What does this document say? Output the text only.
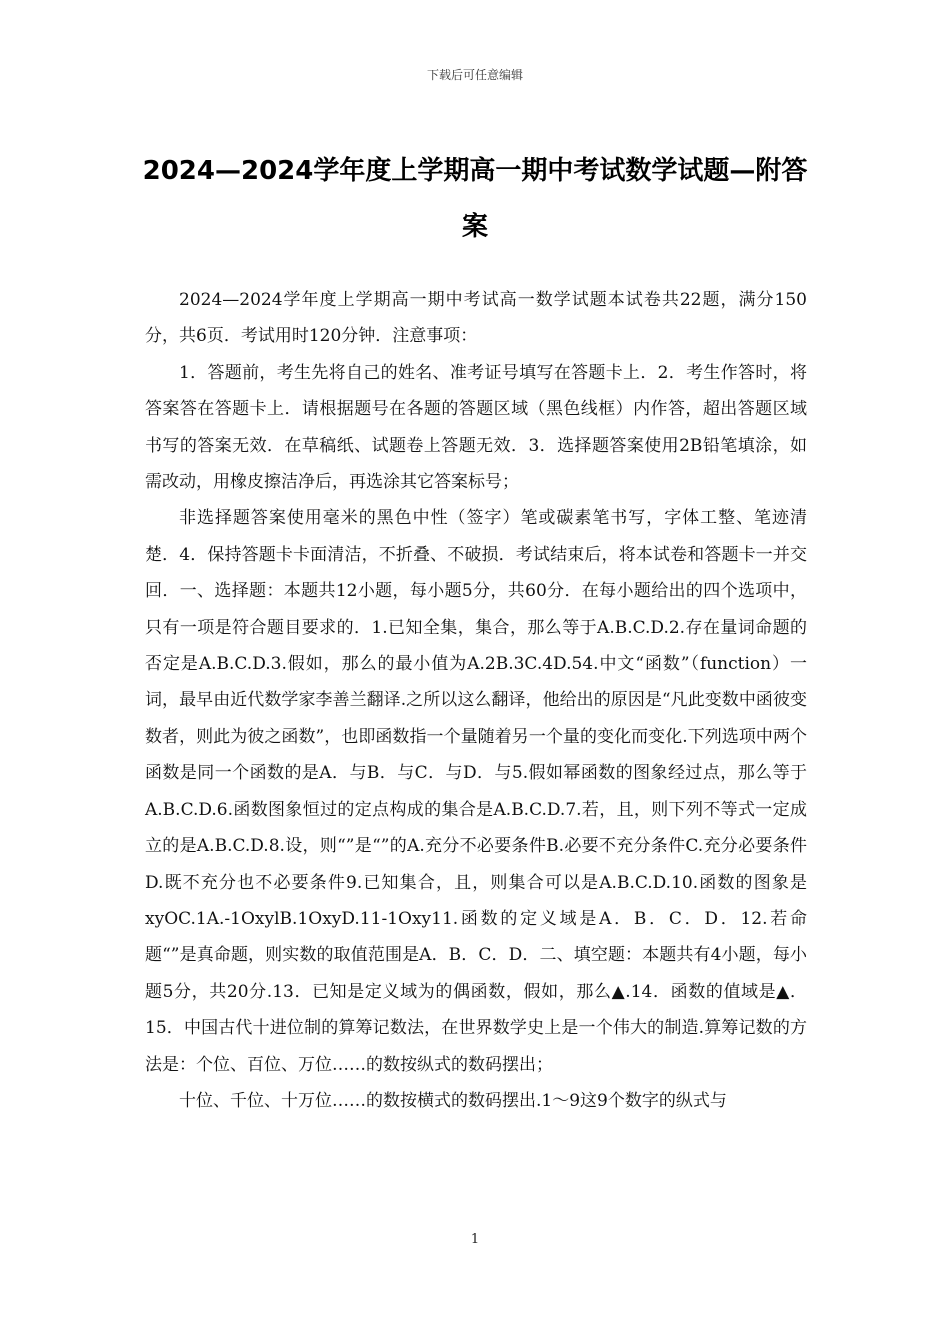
下载后可任意编辑
2024—2024学年度上学期高一期中考试数学试题—附答案

2024—2024学年度上学期高一期中考试高一数学试题本试卷共22题，满分150分，共6页．考试用时120分钟．注意事项：

1．答题前，考生先将自己的姓名、准考证号填写在答题卡上．2．考生作答时，将答案答在答题卡上．请根据题号在各题的答题区域（黑色线框）内作答，超出答题区域书写的答案无效．在草稿纸、试题卷上答题无效．3．选择题答案使用2B铅笔填涂，如需改动，用橡皮擦洁净后，再选涂其它答案标号；

非选择题答案使用毫米的黑色中性（签字）笔或碳素笔书写，字体工整、笔迹清楚．4．保持答题卡卡面清洁，不折叠、不破损．考试结束后，将本试卷和答题卡一并交回．一、选择题：本题共12小题，每小题5分，共60分．在每小题给出的四个选项中，只有一项是符合题目要求的．1.已知全集，集合，那么等于A.B.C.D.2.存在量词命题的否定是A.B.C.D.3.假如，那么的最小值为A.2B.3C.4D.54.中文“函数”（function）一词，最早由近代数学家李善兰翻译.之所以这么翻译，他给出的原因是“凡此变数中函彼变数者，则此为彼之函数”，也即函数指一个量随着另一个量的变化而变化.下列选项中两个函数是同一个函数的是A．与B．与C．与D．与5.假如幂函数的图象经过点，那么等于A.B.C.D.6.函数图象恒过的定点构成的集合是A.B.C.D.7.若，且，则下列不等式一定成立的是A.B.C.D.8.设，则“”是“”的A.充分不必要条件B.必要不充分条件C.充分必要条件D.既不充分也不必要条件9.已知集合，且，则集合可以是A.B.C.D.10.函数的图象是xyOC.1A.-1OxylB.1OxyD.11-1Oxy11.函数的定义域是A．B．C．D．12.若命题“”是真命题，则实数的取值范围是A．B．C．D．二、填空题：本题共有4小题，每小题5分，共20分.13．已知是定义域为的偶函数，假如，那么▲.14．函数的值域是▲．15．中国古代十进位制的算筹记数法，在世界数学史上是一个伟大的制造.算筹记数的方法是：个位、百位、万位……的数按纵式的数码摆出；

十位、千位、十万位……的数按横式的数码摆出.1～9这9个数字的纵式与

1
